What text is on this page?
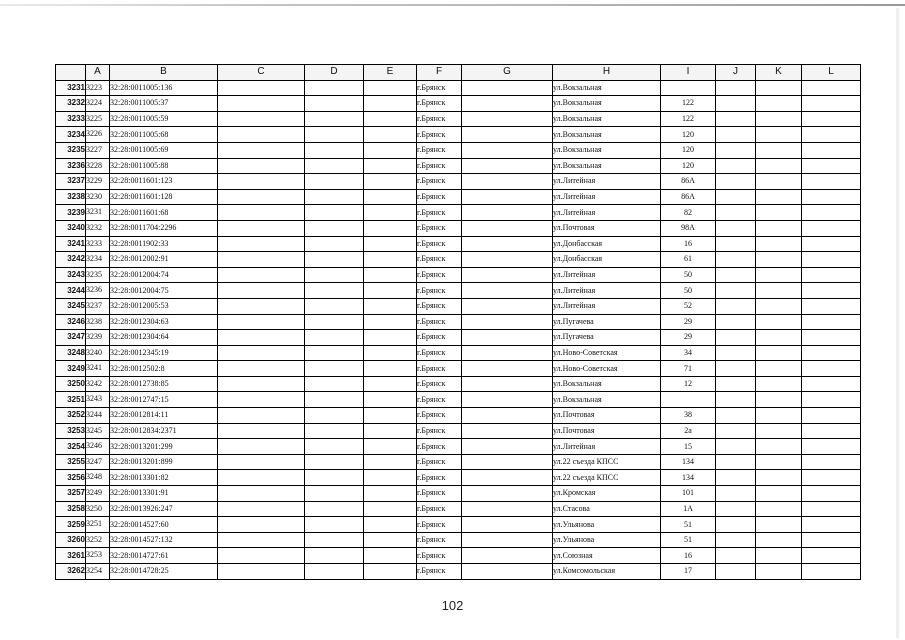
	A	B	C	D	E	F	G	H	I	J	K	L
3231	3223	32:28:0011005:136				г.Брянск		ул.Вокзальная				
3232	3224	32:28:0011005:37				г.Брянск		ул.Вокзальная	122			
3233	3225	32:28:0011005:59				г.Брянск		ул.Вокзальная	122			
3234	3226	32:28:0011005:68				г.Брянск		ул.Вокзальная	120			
3235	3227	32:28:0011005:69				г.Брянск		ул.Вокзальная	120			
3236	3228	32:28:0011005:88				г.Брянск		ул.Вокзальная	120			
3237	3229	32:28:0011601:123				г.Брянск		ул.Литейная	86А			
3238	3230	32:28:0011601:128				г.Брянск		ул.Литейная	86А			
3239	3231	32:28:0011601:68				г.Брянск		ул.Литейная	82			
3240	3232	32:28:0011704:2296				г.Брянск		ул.Почтовая	98А			
3241	3233	32:28:0011902:33				г.Брянск		ул.Донбасская	16			
3242	3234	32:28:0012002:91				г.Брянск		ул.Донбасская	61			
3243	3235	32:28:0012004:74				г.Брянск		ул.Литейная	50			
3244	3236	32:28:0012004:75				г.Брянск		ул.Литейная	50			
3245	3237	32:28:0012005:53				г.Брянск		ул.Литейная	52			
3246	3238	32:28:0012304:63				г.Брянск		ул.Пугачева	29			
3247	3239	32:28:0012304:64				г.Брянск		ул.Пугачева	29			
3248	3240	32:28:0012345:19				г.Брянск		ул.Ново-Советская	34			
3249	3241	32:28:0012502:8				г.Брянск		ул.Ново-Советская	71			
3250	3242	32:28:0012738:85				г.Брянск		ул.Вокзальная	12			
3251	3243	32:28:0012747:15				г.Брянск		ул.Вокзальная				
3252	3244	32:28:0012814:11				г.Брянск		ул.Почтовая	38			
3253	3245	32:28:0012834:2371				г.Брянск		ул.Почтовая	2а			
3254	3246	32:28:0013201:299				г.Брянск		ул.Литейная	15			
3255	3247	32:28:0013201:899				г.Брянск		ул.22 съезда КПСС	134			
3256	3248	32:28:0013301:82				г.Брянск		ул.22 съезда КПСС	134			
3257	3249	32:28:0013301:91				г.Брянск		ул.Кромская	101			
3258	3250	32:28:0013926:247				г.Брянск		ул.Стасова	1А			
3259	3251	32:28:0014527:60				г.Брянск		ул.Ульянова	51			
3260	3252	32:28:0014527:132				г.Брянск		ул.Ульянова	51			
3261	3253	32:28:0014727:61				г.Брянск		ул.Союзная	16			
3262	3254	32:28:0014728:25				г.Брянск		ул.Комсомольская	17			
102
